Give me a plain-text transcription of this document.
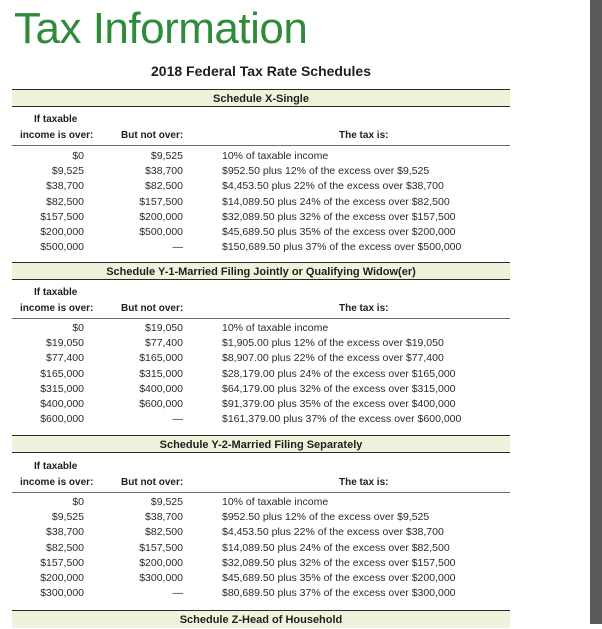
Tax Information
2018 Federal Tax Rate Schedules
Schedule X-Single
If taxable
income is over:	But not over:	The tax is:
$0	$9,525	10% of taxable income
$9,525	$38,700	$952.50 plus 12% of the excess over $9,525
$38,700	$82,500	$4,453.50 plus 22% of the excess over $38,700
$82,500	$157,500	$14,089.50 plus 24% of the excess over $82,500
$157,500	$200,000	$32,089.50 plus 32% of the excess over $157,500
$200,000	$500,000	$45,689.50 plus 35% of the excess over $200,000
$500,000	—	$150,689.50 plus 37% of the excess over $500,000
Schedule Y-1-Married Filing Jointly or Qualifying Widow(er)
If taxable
income is over:	But not over:	The tax is:
$0	$19,050	10% of taxable income
$19,050	$77,400	$1,905.00 plus 12% of the excess over $19,050
$77,400	$165,000	$8,907.00 plus 22% of the excess over $77,400
$165,000	$315,000	$28,179.00 plus 24% of the excess over $165,000
$315,000	$400,000	$64,179.00 plus 32% of the excess over $315,000
$400,000	$600,000	$91,379.00 plus 35% of the excess over $400,000
$600,000	—	$161,379.00 plus 37% of the excess over $600,000
Schedule Y-2-Married Filing Separately
If taxable
income is over:	But not over:	The tax is:
$0	$9,525	10% of taxable income
$9,525	$38,700	$952.50 plus 12% of the excess over $9,525
$38,700	$82,500	$4,453.50 plus 22% of the excess over $38,700
$82,500	$157,500	$14,089.50 plus 24% of the excess over $82,500
$157,500	$200,000	$32,089.50 plus 32% of the excess over $157,500
$200,000	$300,000	$45,689.50 plus 35% of the excess over $200,000
$300,000	—	$80,689.50 plus 37% of the excess over $300,000
Schedule Z-Head of Household
